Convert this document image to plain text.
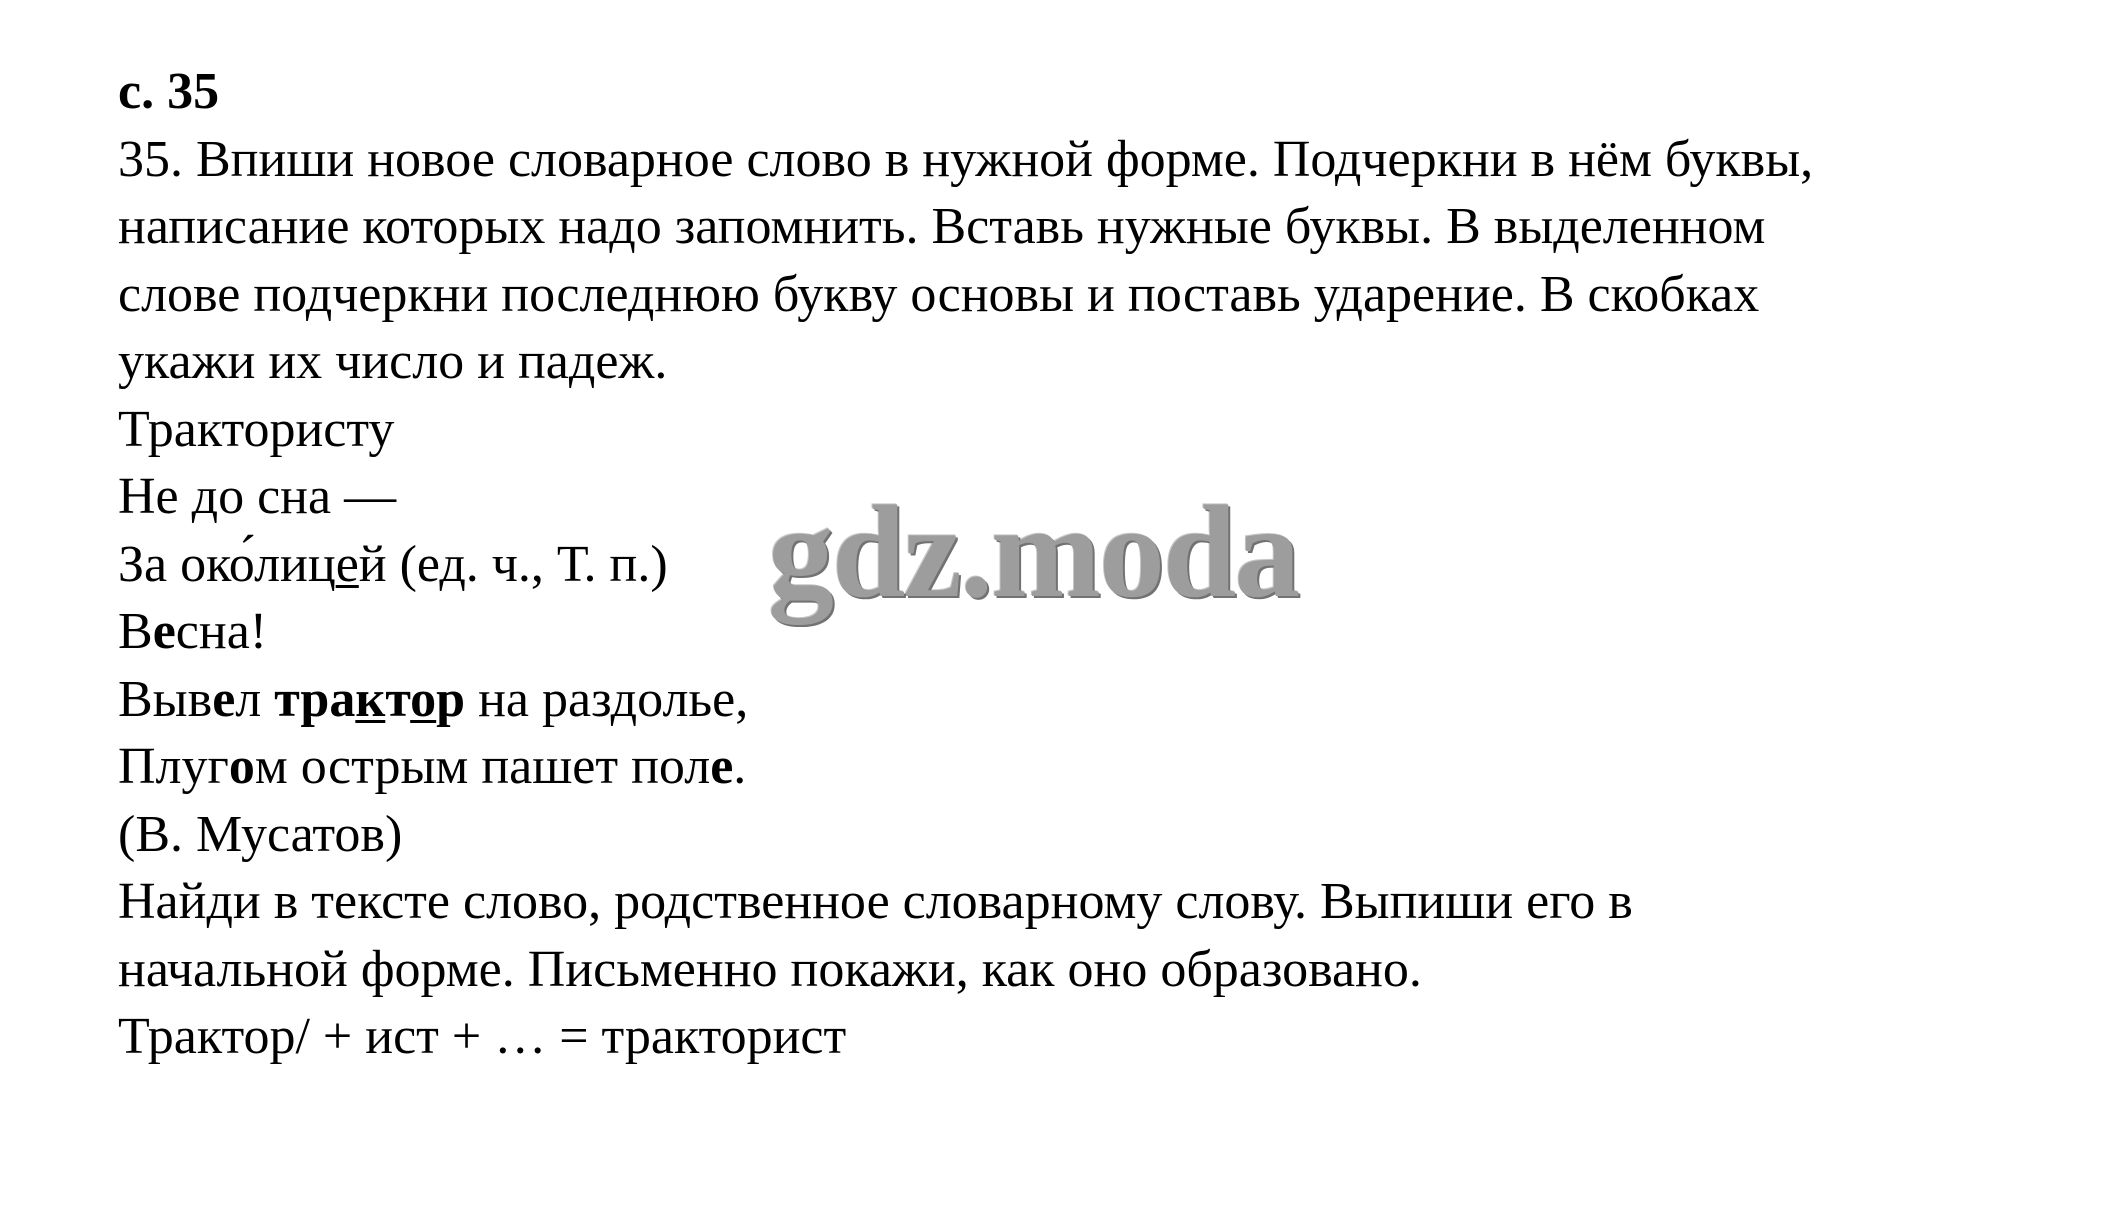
с. 35
35. Впиши новое словарное слово в нужной форме. Подчеркни в нём буквы,
написание которых надо запомнить. Вставь нужные буквы. В выделенном
слове подчеркни последнюю букву основы и поставь ударение. В скобках
укажи их число и падеж.
Трактористу
Не до сна —
За око́лицей (ед. ч., Т. п.)
Весна!
Вывел трактор на раздолье,
Плугом острым пашет поле.
(В. Мусатов)
Найди в тексте слово, родственное словарному слову. Выпиши его в
начальной форме. Письменно покажи, как оно образовано.
Трактор/ + ист + … = тракторист
gdz.moda
